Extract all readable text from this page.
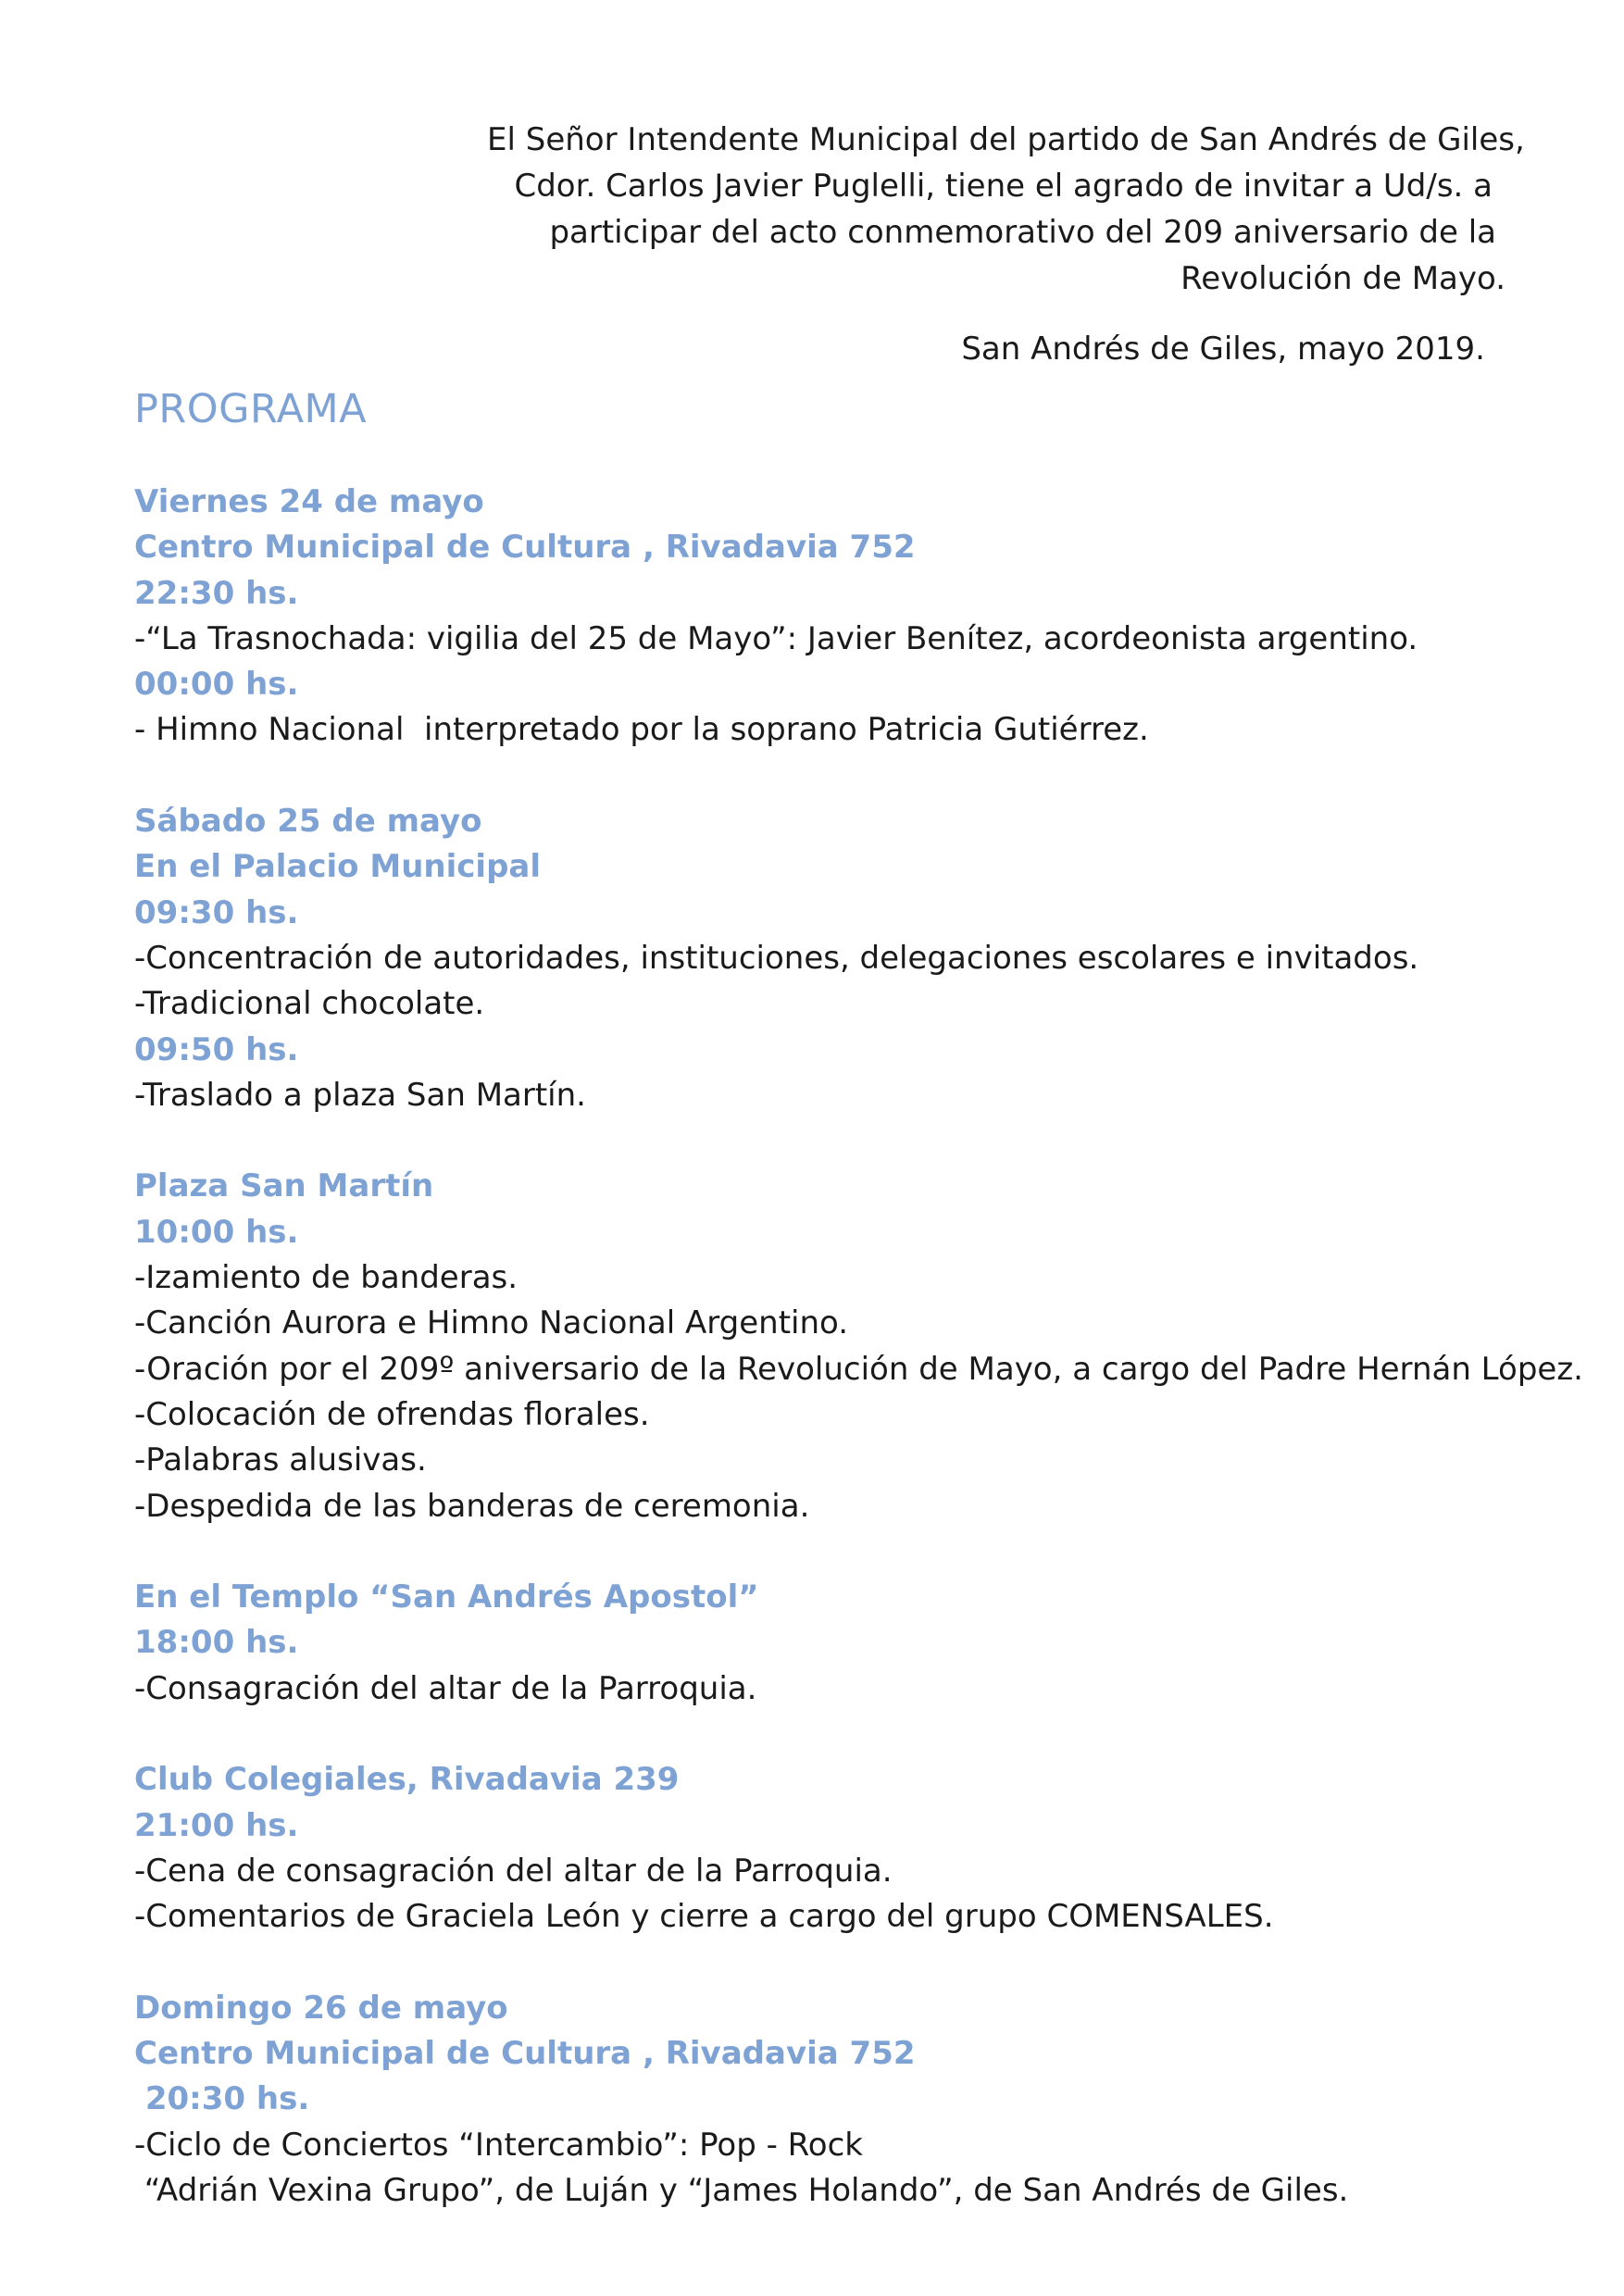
El Señor Intendente Municipal del partido de San Andrés de Giles,
Cdor. Carlos Javier Puglelli, tiene el agrado de invitar a Ud/s. a
participar del acto conmemorativo del 209 aniversario de la
Revolución de Mayo.
San Andrés de Giles, mayo 2019.
PROGRAMA
Viernes 24 de mayo
Centro Municipal de Cultura , Rivadavia 752
22:30 hs.
-“La Trasnochada: vigilia del 25 de Mayo”: Javier Benítez, acordeonista argentino.
00:00 hs.
- Himno Nacional  interpretado por la soprano Patricia Gutiérrez.
Sábado 25 de mayo
En el Palacio Municipal
09:30 hs.
-Concentración de autoridades, instituciones, delegaciones escolares e invitados.
-Tradicional chocolate.
09:50 hs.
-Traslado a plaza San Martín.
Plaza San Martín
10:00 hs.
-Izamiento de banderas.
-Canción Aurora e Himno Nacional Argentino.
-Oración por el 209º aniversario de la Revolución de Mayo, a cargo del Padre Hernán López.
-Colocación de ofrendas florales.
-Palabras alusivas.
-Despedida de las banderas de ceremonia.
En el Templo “San Andrés Apostol”
18:00 hs.
-Consagración del altar de la Parroquia.
Club Colegiales, Rivadavia 239
21:00 hs.
-Cena de consagración del altar de la Parroquia.
-Comentarios de Graciela León y cierre a cargo del grupo COMENSALES.
Domingo 26 de mayo
Centro Municipal de Cultura , Rivadavia 752
20:30 hs.
-Ciclo de Conciertos “Intercambio”: Pop - Rock
“Adrián Vexina Grupo”, de Luján y “James Holando”, de San Andrés de Giles.
